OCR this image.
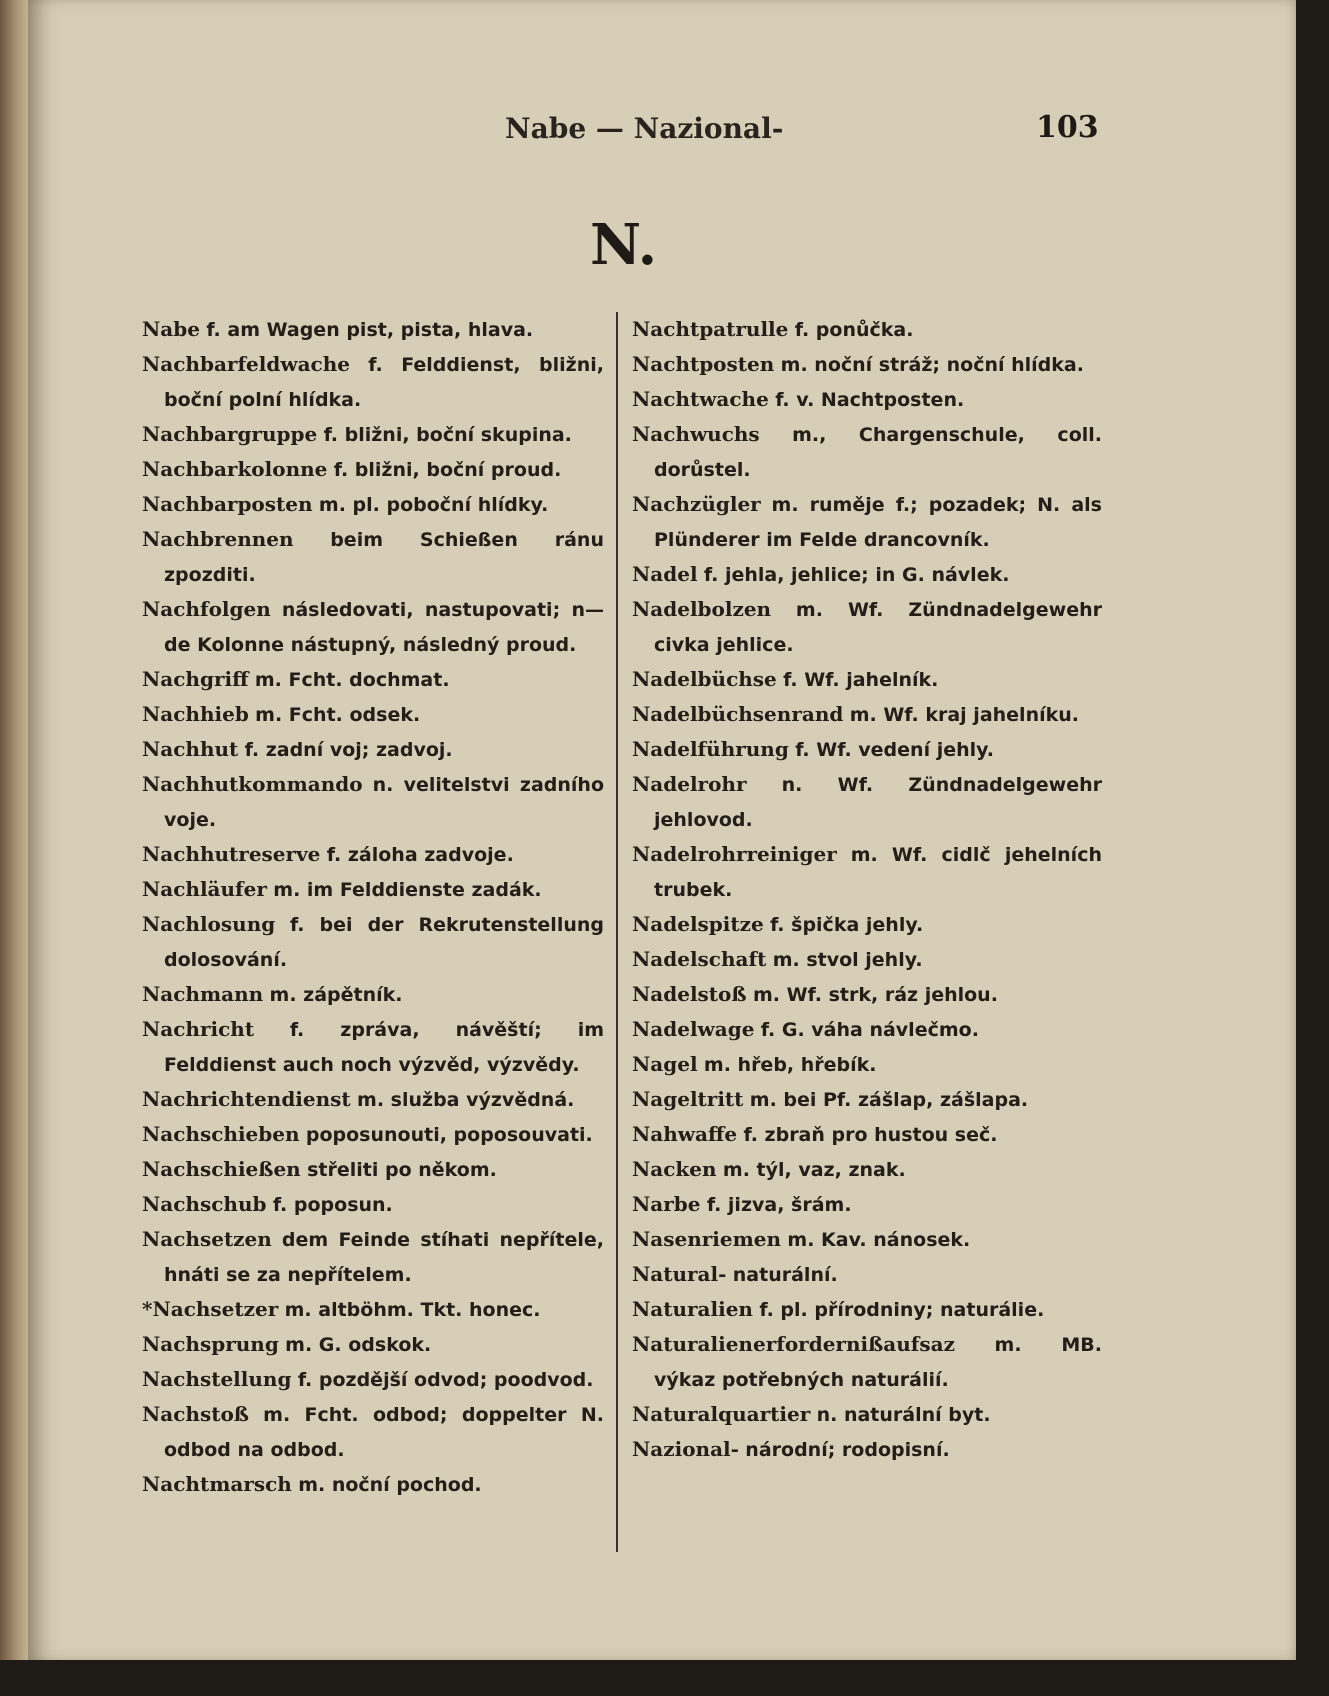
Nabe — Nazional-	103
N.

Nabe f. am Wagen pist, pista, hlava.

Nachbarfeldwache f. Felddienst, bližni, boční polní hlídka.

Nachbargruppe f. bližni, boční skupina.

Nachbarkolonne f. bližni, boční proud.

Nachbarposten m. pl. poboční hlídky.

Nachbrennen beim Schießen ránu zpozditi.

Nachfolgen následovati, nastupovati; n—de Kolonne nástupný, následný proud.

Nachgriff m. Fcht. dochmat.

Nachhieb m. Fcht. odsek.

Nachhut f. zadní voj; zadvoj.

Nachhutkommando n. velitelstvi zadního voje.

Nachhutreserve f. záloha zadvoje.

Nachläufer m. im Felddienste zadák.

Nachlosung f. bei der Rekrutenstellung dolosování.

Nachmann m. zápětník.

Nachricht f. zpráva, návěští; im Felddienst auch noch výzvěd, výzvědy.

Nachrichtendienst m. služba výzvědná.

Nachschieben poposunouti, poposouvati.

Nachschießen střeliti po někom.

Nachschub f. poposun.

Nachsetzen dem Feinde stíhati nepřítele, hnáti se za nepřítelem.

*Nachsetzer m. altböhm. Tkt. honec.

Nachsprung m. G. odskok.

Nachstellung f. pozdější odvod; poodvod.

Nachstoß m. Fcht. odbod; doppelter N. odbod na odbod.

Nachtmarsch m. noční pochod.

Nachtpatrulle f. ponůčka.

Nachtposten m. noční stráž; noční hlídka.

Nachtwache f. v. Nachtposten.

Nachwuchs m., Chargenschule, coll. dorůstel.

Nachzügler m. ruměje f.; pozadek; N. als Plünderer im Felde drancovník.

Nadel f. jehla, jehlice; in G. návlek.

Nadelbolzen m. Wf. Zündnadelgewehr civka jehlice.

Nadelbüchse f. Wf. jahelník.

Nadelbüchsenrand m. Wf. kraj jahelníku.

Nadelführung f. Wf. vedení jehly.

Nadelrohr n. Wf. Zündnadelgewehr jehlovod.

Nadelrohrreiniger m. Wf. cidlč jehelních trubek.

Nadelspitze f. špička jehly.

Nadelschaft m. stvol jehly.

Nadelstoß m. Wf. strk, ráz jehlou.

Nadelwage f. G. váha návlečmo.

Nagel m. hřeb, hřebík.

Nageltritt m. bei Pf. zášlap, zášlapa.

Nahwaffe f. zbraň pro hustou seč.

Nacken m. týl, vaz, znak.

Narbe f. jizva, šrám.

Nasenriemen m. Kav. nánosek.

Natural- naturální.

Naturalien f. pl. přírodniny; naturálie.

Naturalienerfordernißaufsaz m. MB. výkaz potřebných naturálií.

Naturalquartier n. naturální byt.

Nazional- národní; rodopisní.
